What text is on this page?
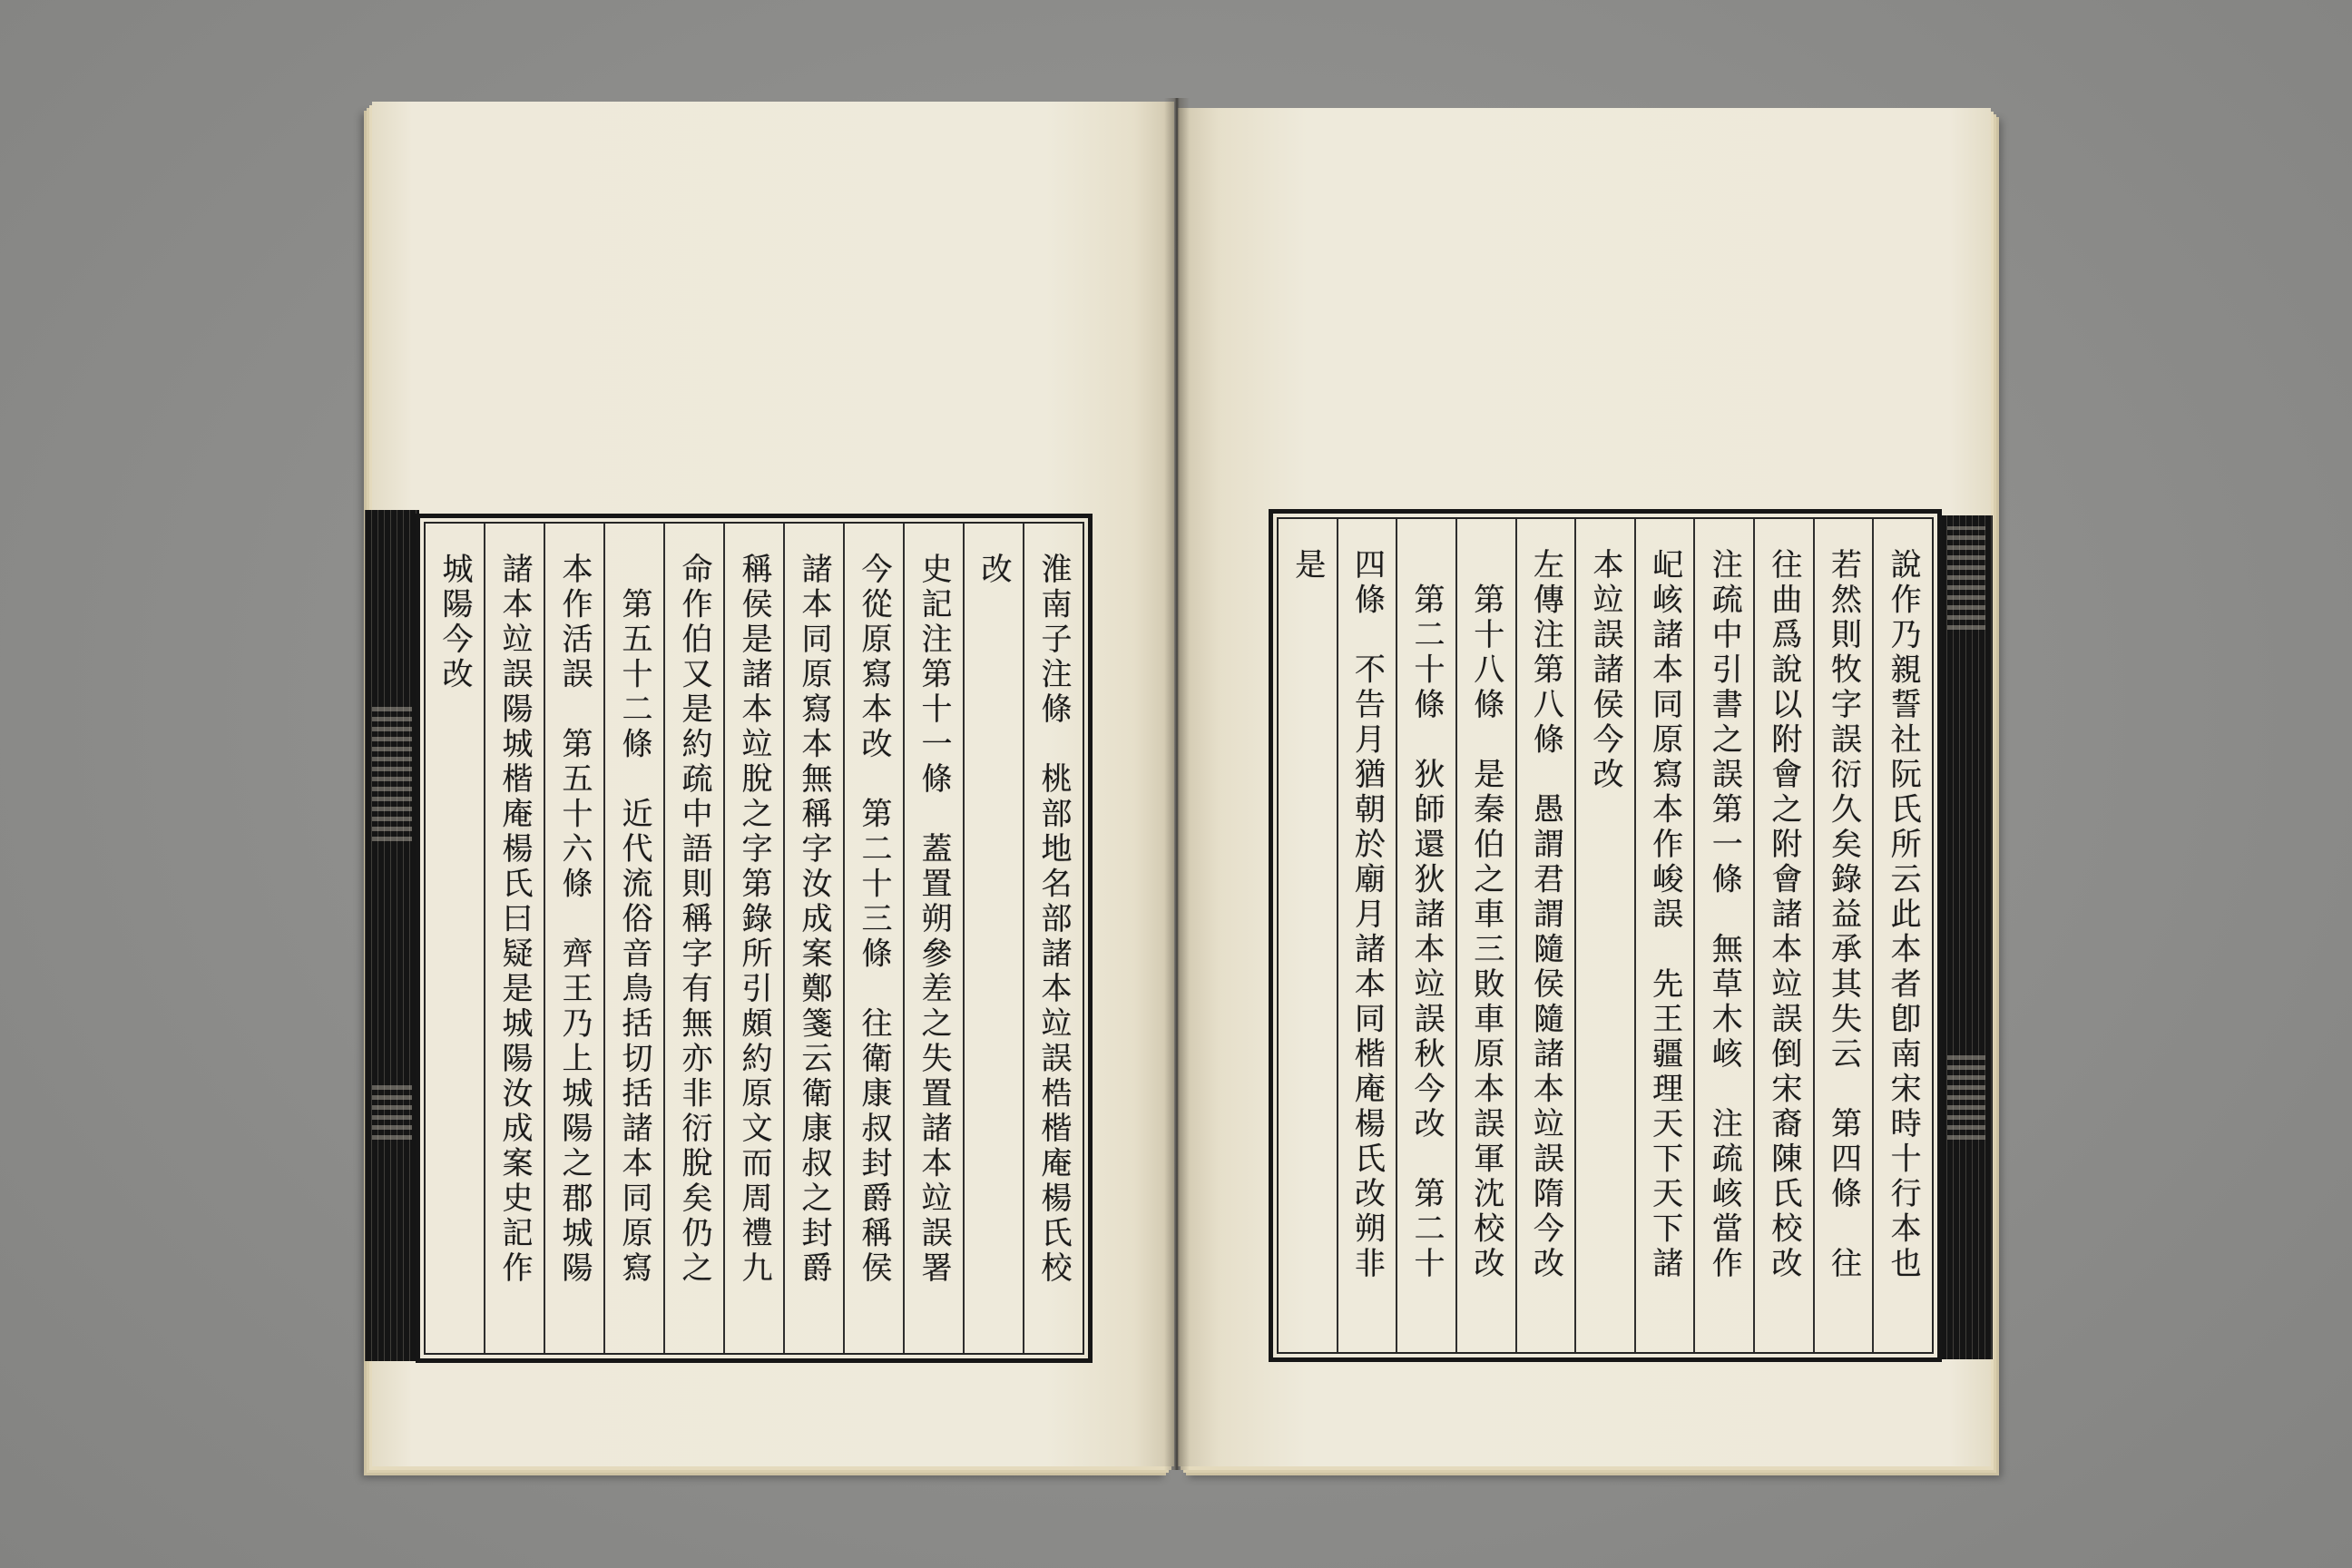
淮南子注條　桃部地名部諸本竝誤梏楷庵楊氏校
改
史記注第十一條　蓋置朔參差之失置諸本竝誤署
今從原寫本改　第二十三條　往衛康叔封爵稱侯
諸本同原寫本無稱字汝成案鄭箋云衛康叔之封爵
稱侯是諸本竝脫之字第錄所引頗約原文而周禮九
命作伯又是約疏中語則稱字有無亦非衍脫矣仍之
　第五十二條　近代流俗音鳥括切括諸本同原寫
本作活誤　第五十六條　齊王乃上城陽之郡城陽
諸本竝誤陽城楷庵楊氏曰疑是城陽汝成案史記作
城陽今改	說作乃親誓社阮氏所云此本者卽南宋時十行本也
若然則牧字誤衍久矣錄益承其失云　第四條　往
往曲爲說以附會之附會諸本竝誤倒宋裔陳氏校改
注疏中引書之誤第一條　無草木峐　注疏峐當作
屺峐諸本同原寫本作峻誤　先王疆理天下天下諸
本竝誤諸侯今改
左傳注第八條　愚謂君謂隨侯隨諸本竝誤隋今改
　第十八條　是秦伯之車三敗車原本誤軍沈校改
　第二十條　狄師還狄諸本竝誤秋今改　第二十
四條　不告月猶朝於廟月諸本同楷庵楊氏改朔非
是
